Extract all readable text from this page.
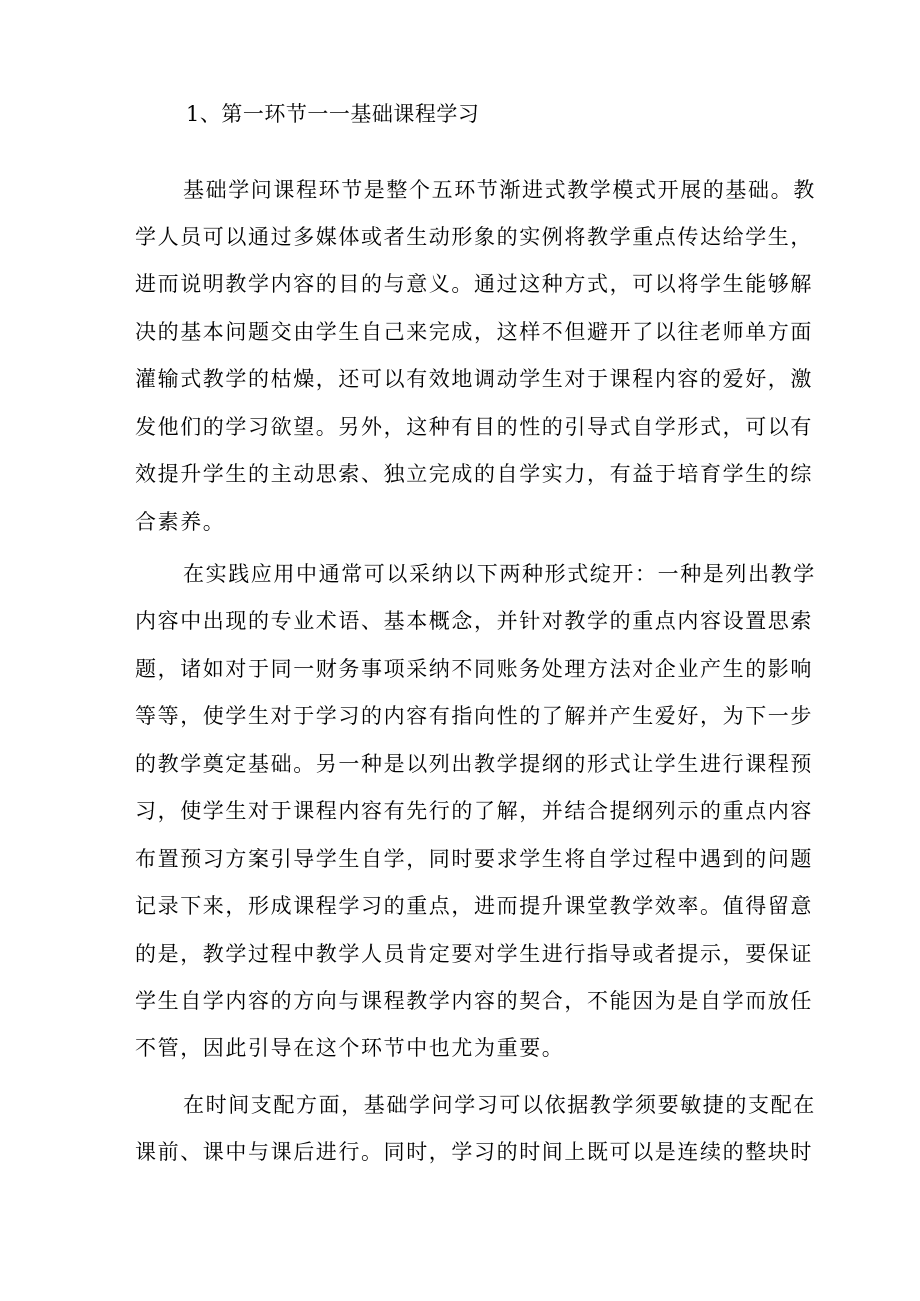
1、第一环节一一基础课程学习
基础学问课程环节是整个五环节渐进式教学模式开展的基础。教
学人员可以通过多媒体或者生动形象的实例将教学重点传达给学生，
进而说明教学内容的目的与意义。通过这种方式，可以将学生能够解
决的基本问题交由学生自己来完成，这样不但避开了以往老师单方面
灌输式教学的枯燥，还可以有效地调动学生对于课程内容的爱好，激
发他们的学习欲望。另外，这种有目的性的引导式自学形式，可以有
效提升学生的主动思索、独立完成的自学实力，有益于培育学生的综
合素养。
在实践应用中通常可以采纳以下两种形式绽开：一种是列出教学
内容中出现的专业术语、基本概念，并针对教学的重点内容设置思索
题，诸如对于同一财务事项采纳不同账务处理方法对企业产生的影响
等等，使学生对于学习的内容有指向性的了解并产生爱好，为下一步
的教学奠定基础。另一种是以列出教学提纲的形式让学生进行课程预
习，使学生对于课程内容有先行的了解，并结合提纲列示的重点内容
布置预习方案引导学生自学，同时要求学生将自学过程中遇到的问题
记录下来，形成课程学习的重点，进而提升课堂教学效率。值得留意
的是，教学过程中教学人员肯定要对学生进行指导或者提示，要保证
学生自学内容的方向与课程教学内容的契合，不能因为是自学而放任
不管，因此引导在这个环节中也尤为重要。
在时间支配方面，基础学问学习可以依据教学须要敏捷的支配在
课前、课中与课后进行。同时，学习的时间上既可以是连续的整块时
